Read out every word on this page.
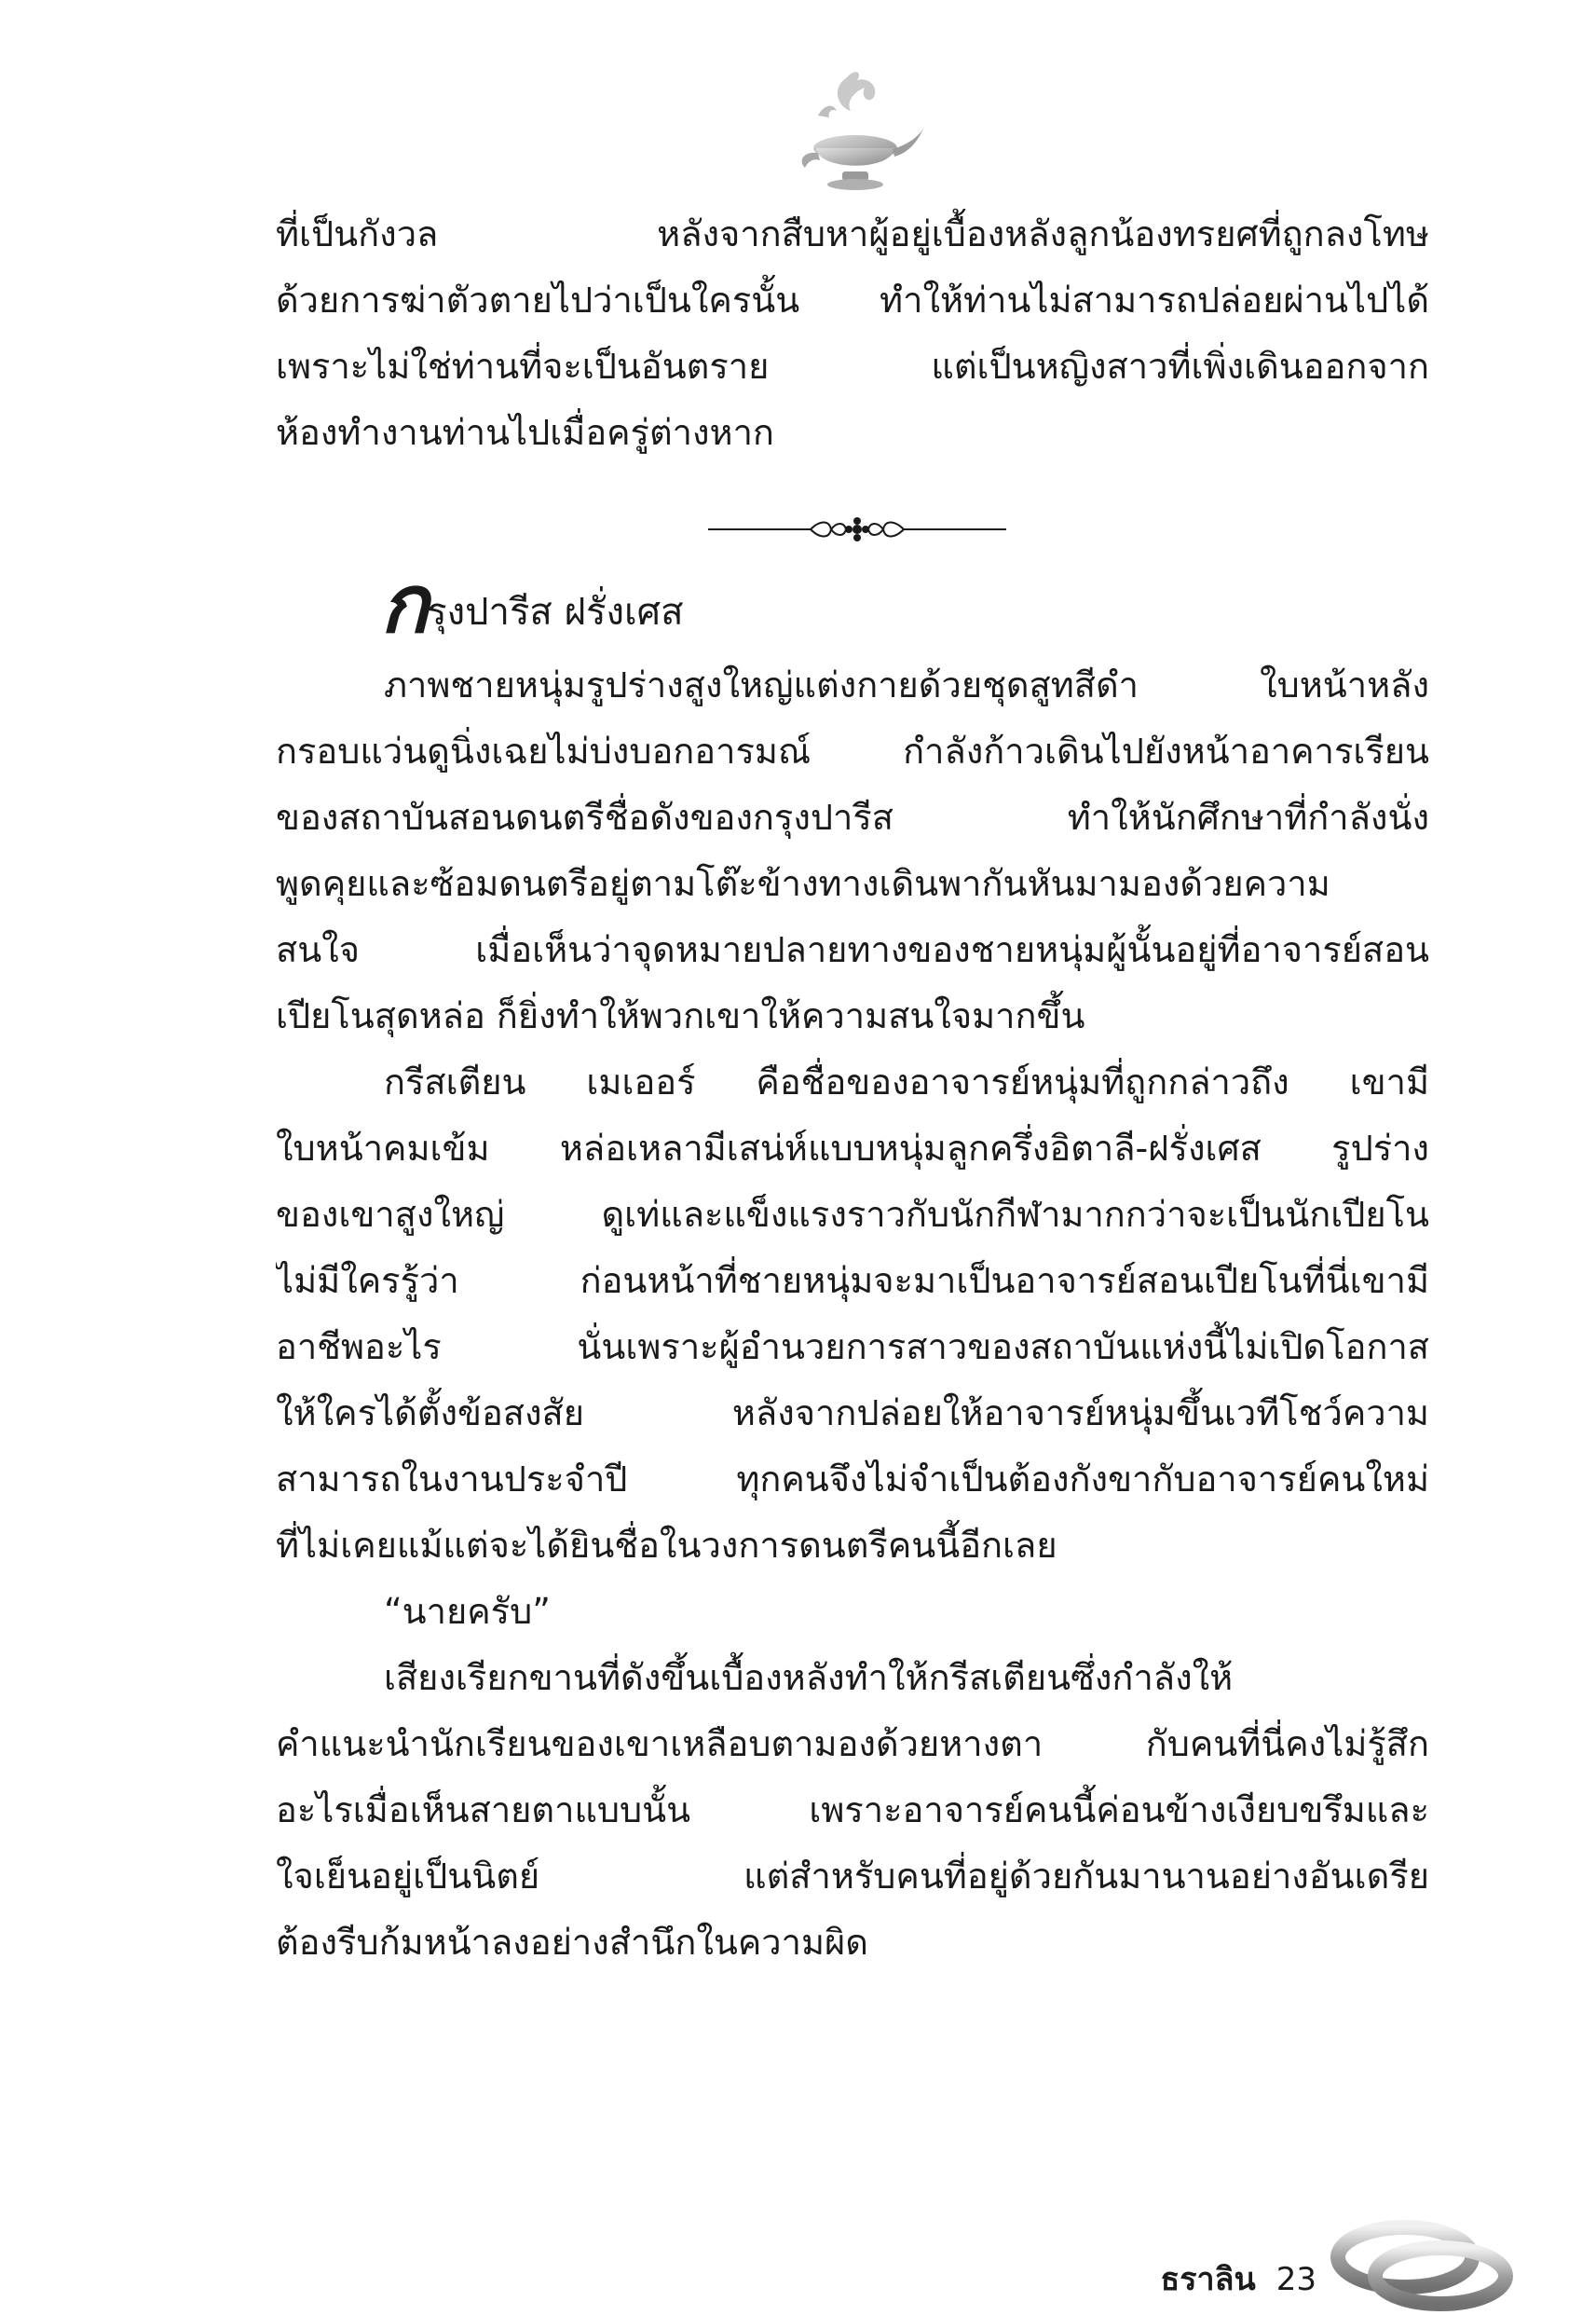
ที่เป็นกังวล หลังจากสืบหาผู้อยู่เบื้องหลังลูกน้องทรยศที่ถูกลงโทษ
ด้วยการฆ่าตัวตายไปว่าเป็นใครนั้น ทำให้ท่านไม่สามารถปล่อยผ่านไปได้
เพราะไม่ใช่ท่านที่จะเป็นอันตราย แต่เป็นหญิงสาวที่เพิ่งเดินออกจาก
ห้องทำงานท่านไปเมื่อครู่ต่างหาก
กรุงปารีส ฝรั่งเศส
ภาพชายหนุ่มรูปร่างสูงใหญ่แต่งกายด้วยชุดสูทสีดำ ใบหน้าหลัง
กรอบแว่นดูนิ่งเฉยไม่บ่งบอกอารมณ์ กำลังก้าวเดินไปยังหน้าอาคารเรียน
ของสถาบันสอนดนตรีชื่อดังของกรุงปารีส ทำให้นักศึกษาที่กำลังนั่ง
พูดคุยและซ้อมดนตรีอยู่ตามโต๊ะข้างทางเดินพากันหันมามองด้วยความ
สนใจ เมื่อเห็นว่าจุดหมายปลายทางของชายหนุ่มผู้นั้นอยู่ที่อาจารย์สอน
เปียโนสุดหล่อ ก็ยิ่งทำให้พวกเขาให้ความสนใจมากขึ้น
กรีสเตียน เมเออร์ คือชื่อของอาจารย์หนุ่มที่ถูกกล่าวถึง เขามี
ใบหน้าคมเข้ม หล่อเหลามีเสน่ห์แบบหนุ่มลูกครึ่งอิตาลี-ฝรั่งเศส รูปร่าง
ของเขาสูงใหญ่ ดูเท่และแข็งแรงราวกับนักกีฬามากกว่าจะเป็นนักเปียโน
ไม่มีใครรู้ว่า ก่อนหน้าที่ชายหนุ่มจะมาเป็นอาจารย์สอนเปียโนที่นี่เขามี
อาชีพอะไร นั่นเพราะผู้อำนวยการสาวของสถาบันแห่งนี้ไม่เปิดโอกาส
ให้ใครได้ตั้งข้อสงสัย หลังจากปล่อยให้อาจารย์หนุ่มขึ้นเวทีโชว์ความ
สามารถในงานประจำปี ทุกคนจึงไม่จำเป็นต้องกังขากับอาจารย์คนใหม่
ที่ไม่เคยแม้แต่จะได้ยินชื่อในวงการดนตรีคนนี้อีกเลย
“นายครับ”
เสียงเรียกขานที่ดังขึ้นเบื้องหลังทำให้กรีสเตียนซึ่งกำลังให้
คำแนะนำนักเรียนของเขาเหลือบตามองด้วยหางตา กับคนที่นี่คงไม่รู้สึก
อะไรเมื่อเห็นสายตาแบบนั้น เพราะอาจารย์คนนี้ค่อนข้างเงียบขรึมและ
ใจเย็นอยู่เป็นนิตย์ แต่สำหรับคนที่อยู่ด้วยกันมานานอย่างอันเดรีย
ต้องรีบก้มหน้าลงอย่างสำนึกในความผิด
ธราลิน 23
